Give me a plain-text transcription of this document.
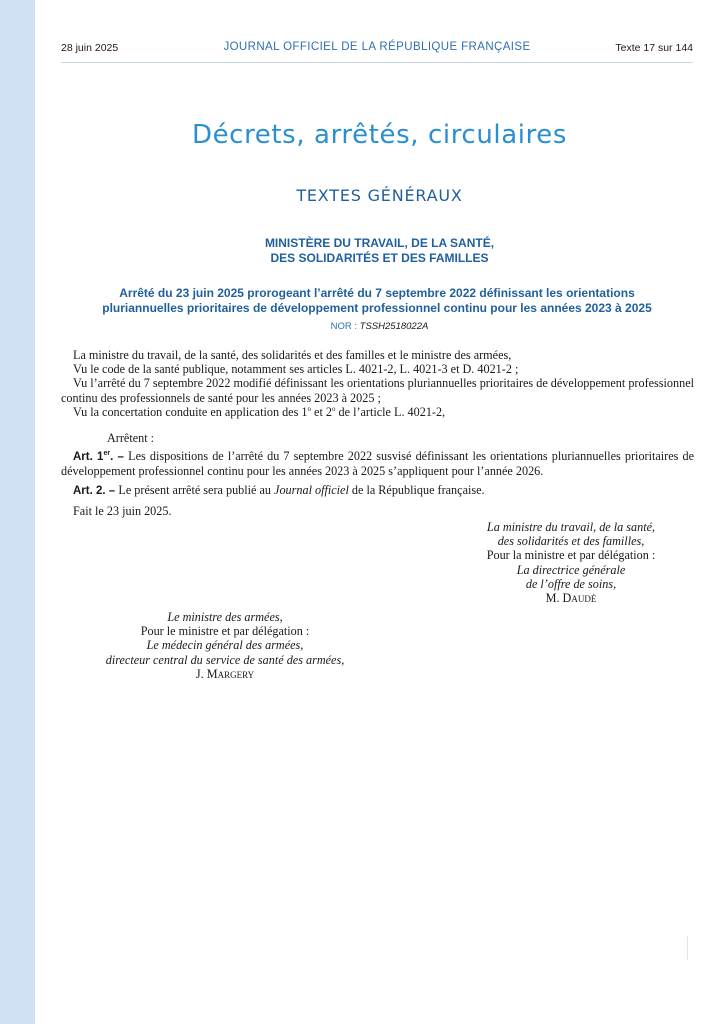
28 juin 2025	JOURNAL OFFICIEL DE LA RÉPUBLIQUE FRANÇAISE	Texte 17 sur 144
Décrets, arrêtés, circulaires
TEXTES GÉNÉRAUX
MINISTÈRE DU TRAVAIL, DE LA SANTÉ,
DES SOLIDARITÉS ET DES FAMILLES
Arrêté du 23 juin 2025 prorogeant l’arrêté du 7 septembre 2022 définissant les orientations
pluriannuelles prioritaires de développement professionnel continu pour les années 2023 à 2025
NOR : TSSH2518022A

La ministre du travail, de la santé, des solidarités et des familles et le ministre des armées,

Vu le code de la santé publique, notamment ses articles L. 4021-2, L. 4021-3 et D. 4021-2 ;

Vu l’arrêté du 7 septembre 2022 modifié définissant les orientations pluriannuelles prioritaires de développement professionnel continu des professionnels de santé pour les années 2023 à 2025 ;

Vu la concertation conduite en application des 1$^o$ et 2$^o$ de l’article L. 4021-2,

Arrêtent :

Art. 1er. – Les dispositions de l’arrêté du 7 septembre 2022 susvisé définissant les orientations pluriannuelles prioritaires de développement professionnel continu pour les années 2023 à 2025 s’appliquent pour l’année 2026.

Art. 2. – Le présent arrêté sera publié au Journal officiel de la République française.

Fait le 23 juin 2025.

La ministre du travail, de la santé,
des solidarités et des familles,
Pour la ministre et par délégation :
La directrice générale
de l’offre de soins,
M. Daudé
Le ministre des armées,
Pour le ministre et par délégation :
Le médecin général des armées,
directeur central du service de santé des armées,
J. Margery
